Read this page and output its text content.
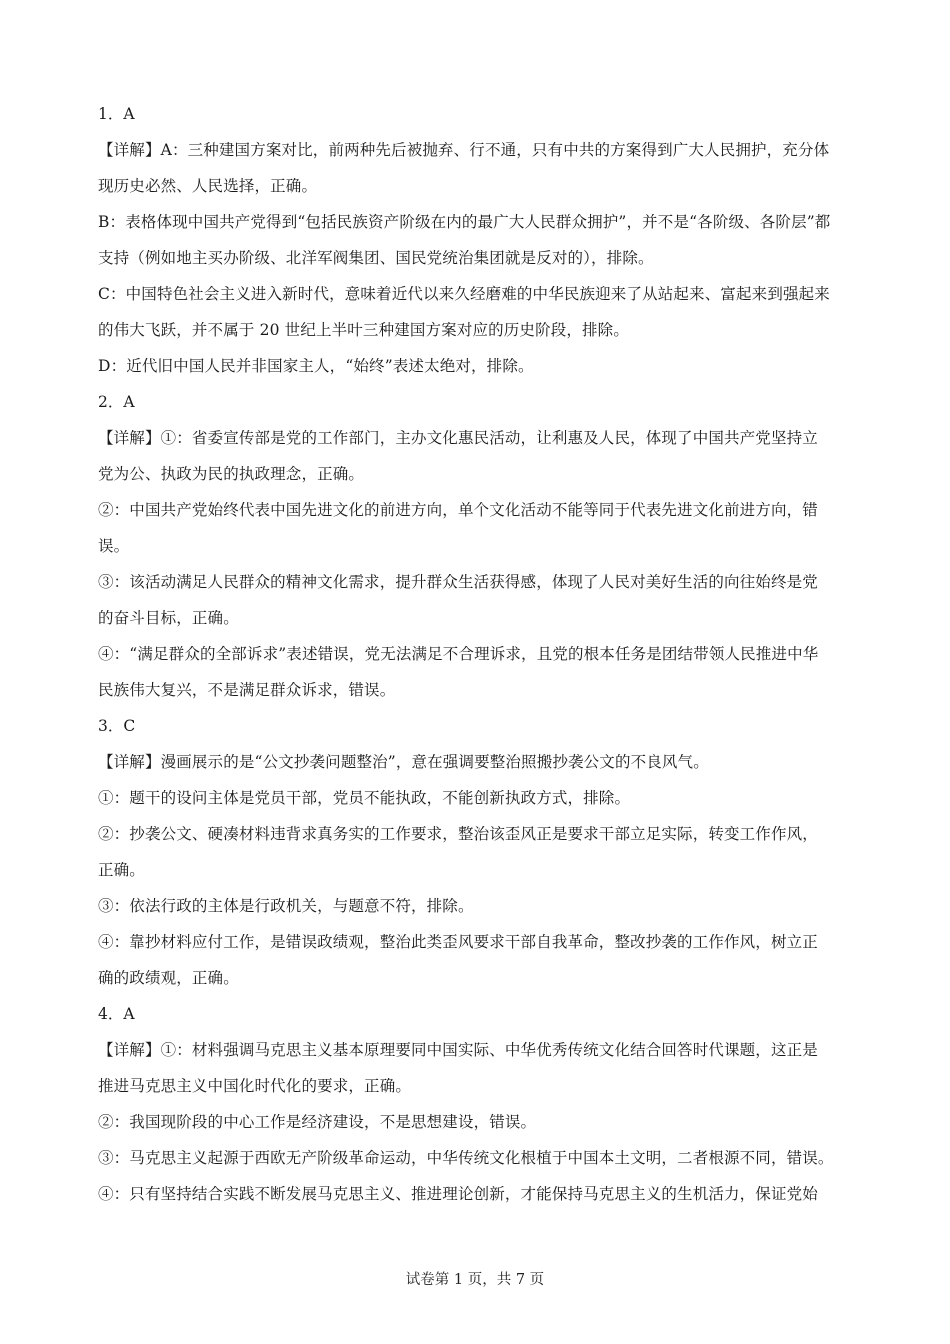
1．A
【详解】A：三种建国方案对比，前两种先后被抛弃、行不通，只有中共的方案得到广大人民拥护，充分体
现历史必然、人民选择，正确。
B：表格体现中国共产党得到“包括民族资产阶级在内的最广大人民群众拥护”，并不是“各阶级、各阶层”都
支持（例如地主买办阶级、北洋军阀集团、国民党统治集团就是反对的），排除。
C：中国特色社会主义进入新时代，意味着近代以来久经磨难的中华民族迎来了从站起来、富起来到强起来
的伟大飞跃，并不属于 20 世纪上半叶三种建国方案对应的历史阶段，排除。
D：近代旧中国人民并非国家主人，“始终”表述太绝对，排除。
2．A
【详解】①：省委宣传部是党的工作部门，主办文化惠民活动，让利惠及人民，体现了中国共产党坚持立
党为公、执政为民的执政理念，正确。
②：中国共产党始终代表中国先进文化的前进方向，单个文化活动不能等同于代表先进文化前进方向，错
误。
③：该活动满足人民群众的精神文化需求，提升群众生活获得感，体现了人民对美好生活的向往始终是党
的奋斗目标，正确。
④：“满足群众的全部诉求”表述错误，党无法满足不合理诉求，且党的根本任务是团结带领人民推进中华
民族伟大复兴，不是满足群众诉求，错误。
3．C
【详解】漫画展示的是“公文抄袭问题整治”，意在强调要整治照搬抄袭公文的不良风气。
①：题干的设问主体是党员干部，党员不能执政，不能创新执政方式，排除。
②：抄袭公文、硬凑材料违背求真务实的工作要求，整治该歪风正是要求干部立足实际，转变工作作风，
正确。
③：依法行政的主体是行政机关，与题意不符，排除。
④：靠抄材料应付工作，是错误政绩观，整治此类歪风要求干部自我革命，整改抄袭的工作作风，树立正
确的政绩观，正确。
4．A
【详解】①：材料强调马克思主义基本原理要同中国实际、中华优秀传统文化结合回答时代课题，这正是
推进马克思主义中国化时代化的要求，正确。
②：我国现阶段的中心工作是经济建设，不是思想建设，错误。
③：马克思主义起源于西欧无产阶级革命运动，中华传统文化根植于中国本土文明，二者根源不同，错误。
④：只有坚持结合实践不断发展马克思主义、推进理论创新，才能保持马克思主义的生机活力，保证党始
试卷第 1 页，共 7 页
